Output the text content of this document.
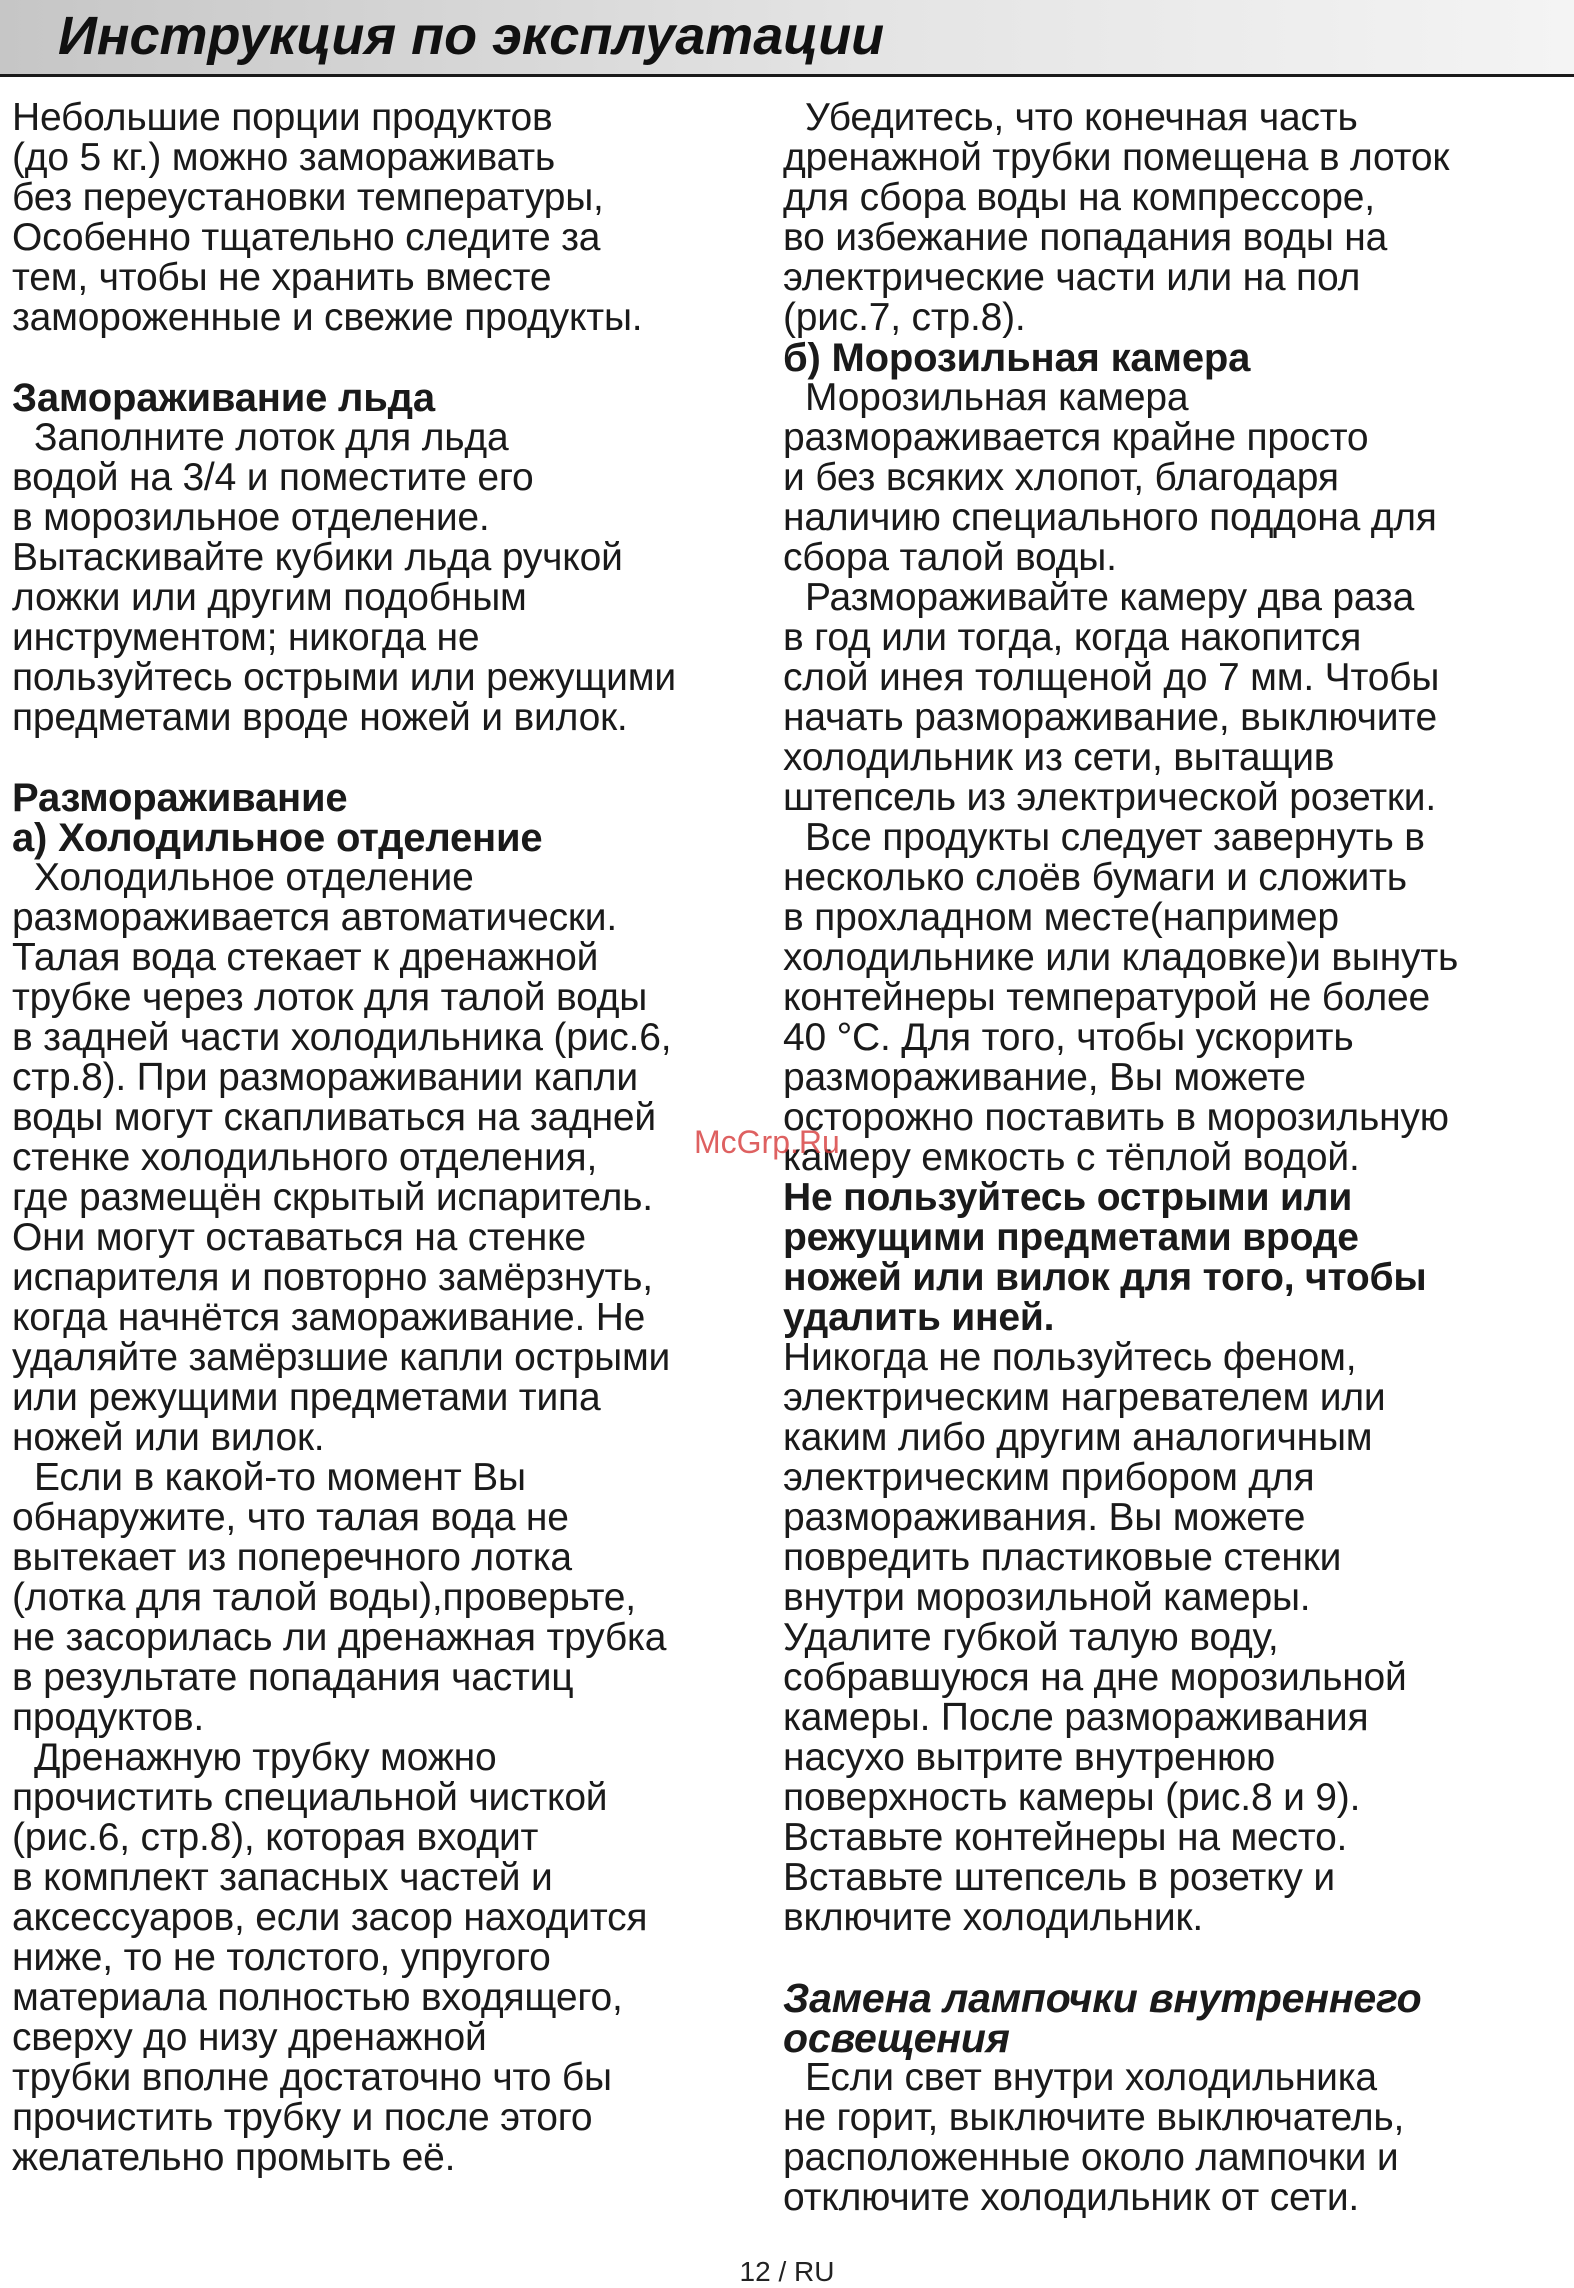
Инструкция по эксплуатации

Небольшие порции продуктов
(до 5 кг.) можно замораживать
без переустановки температуры,
Особенно тщательно следите за
тем, чтобы не хранить вместе
замороженные и свежие продукты.

Замораживание льда

Заполните лоток для льда
водой на 3/4 и поместите его
в морозильное отделение.
Вытаскивайте кубики льда ручкой
ложки или другим подобным
инструментом; никогда не
пользуйтесь острыми или режущими
предметами вроде ножей и вилок.

Размораживание

а) Холодильное отделение

Холодильное отделение
размораживается автоматически.
Талая вода стекает к дренажной
трубке через лоток для талой воды
в задней части холодильника (рис.6,
стр.8). При размораживании капли
воды могут скапливаться на задней
стенке холодильного отделения,
где размещён скрытый испаритель.
Они могут оставаться на стенке
испарителя и повторно замёрзнуть,
когда начнётся замораживание. Не
удаляйте замёрзшие капли острыми
или режущими предметами типа
ножей или вилок.

Если в какой-то момент Вы
обнаружите, что талая вода не
вытекает из поперечного лотка
(лотка для талой воды),проверьте,
не засорилась ли дренажная трубка
в результате попадания частиц
продуктов.

Дренажную трубку можно
прочистить специальной чисткой
(рис.6, стр.8), которая входит
в комплект запасных частей и
аксессуаров, если засор находится
ниже, то не толстого, упругого
материала полностью входящего,
сверху до низу дренажной
трубки вполне достаточно что бы
прочистить трубку и после этого
желательно промыть её.

Убедитесь, что конечная часть
дренажной трубки помещена в лоток
для сбора воды на компрессоре,
во избежание попадания воды на
электрические части или на пол
(рис.7, стр.8).

б) Морозильная камера

Морозильная камера
размораживается крайне просто
и без всяких хлопот, благодаря
наличию специального поддона для
сбора талой воды.

Размораживайте камеру два раза
в год или тогда, когда накопится
слой инея толщеной до 7 мм. Чтобы
начать размораживание, выключите
холодильник из сети, вытащив
штепсель из электрической розетки.

Все продукты следует завернуть в
несколько слоёв бумаги и сложить
в прохладном месте(например
холодильнике или кладовке)и вынуть
контейнеры температурой не более
40 °С. Для того, чтобы ускорить
размораживание, Вы можете
осторожно поставить в морозильную
камеру емкость с тёплой водой.

Не пользуйтесь острыми или
режущими предметами вроде
ножей или вилок для того, чтобы
удалить иней.

Никогда не пользуйтесь феном,
электрическим нагревателем или
каким либо другим аналогичным
электрическим прибором для
размораживания. Вы можете
повредить пластиковые стенки
внутри морозильной камеры.
Удалите губкой талую воду,
собравшуюся на дне морозильной
камеры. После размораживания
насухо вытрите внутренюю
поверхность камеры (рис.8 и 9).
Вставьте контейнеры на место.
Вставьте штепсель в розетку и
включите холодильник.

Замена лампочки внутреннего
освещения

Если свет внутри холодильника
не горит, выключите выключатель,
расположенные около лампочки и
отключите холодильник от сети.

McGrp.Ru
12 / RU
